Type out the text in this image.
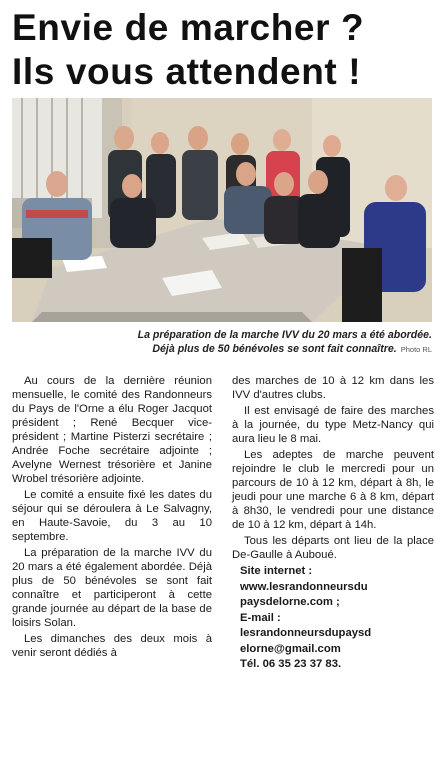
Envie de marcher ?
Ils vous attendent !
La préparation de la marche IVV du 20 mars a été abordée.
Déjà plus de 50 bénévoles se sont fait connaître. Photo RL

Au cours de la dernière réunion mensuelle, le comité des Randonneurs du Pays de l'Orne a élu Roger Jacquot président ; René Becquer vice-président ; Martine Pisterzi secrétaire ; Andrée Foche secrétaire adjointe ; Avelyne Wernest trésorière et Janine Wrobel trésorière adjointe.

Le comité a ensuite fixé les dates du séjour qui se déroulera à Le Salvagny, en Haute-Savoie, du 3 au 10 septembre.

La préparation de la marche IVV du 20 mars a été également abordée. Déjà plus de 50 bénévoles se sont fait connaître et participeront à cette grande journée au départ de la base de loisirs Solan.

Les dimanches des deux mois à venir seront dédiés à

des marches de 10 à 12 km dans les IVV d'autres clubs.

Il est envisagé de faire des marches à la journée, du type Metz-Nancy qui aura lieu le 8 mai.

Les adeptes de marche peuvent rejoindre le club le mercredi pour un parcours de 10 à 12 km, départ à 8h, le jeudi pour une marche 6 à 8 km, départ à 8h30, le vendredi pour une distance de 10 à 12 km, départ à 14h.

Tous les départs ont lieu de la place De-Gaulle à Auboué.

Site internet :
www.lesrandonneursdu
paysdelorne.com ;
E-mail :
lesrandonneursdupaysd
elorne@gmail.com
Tél. 06 35 23 37 83.
